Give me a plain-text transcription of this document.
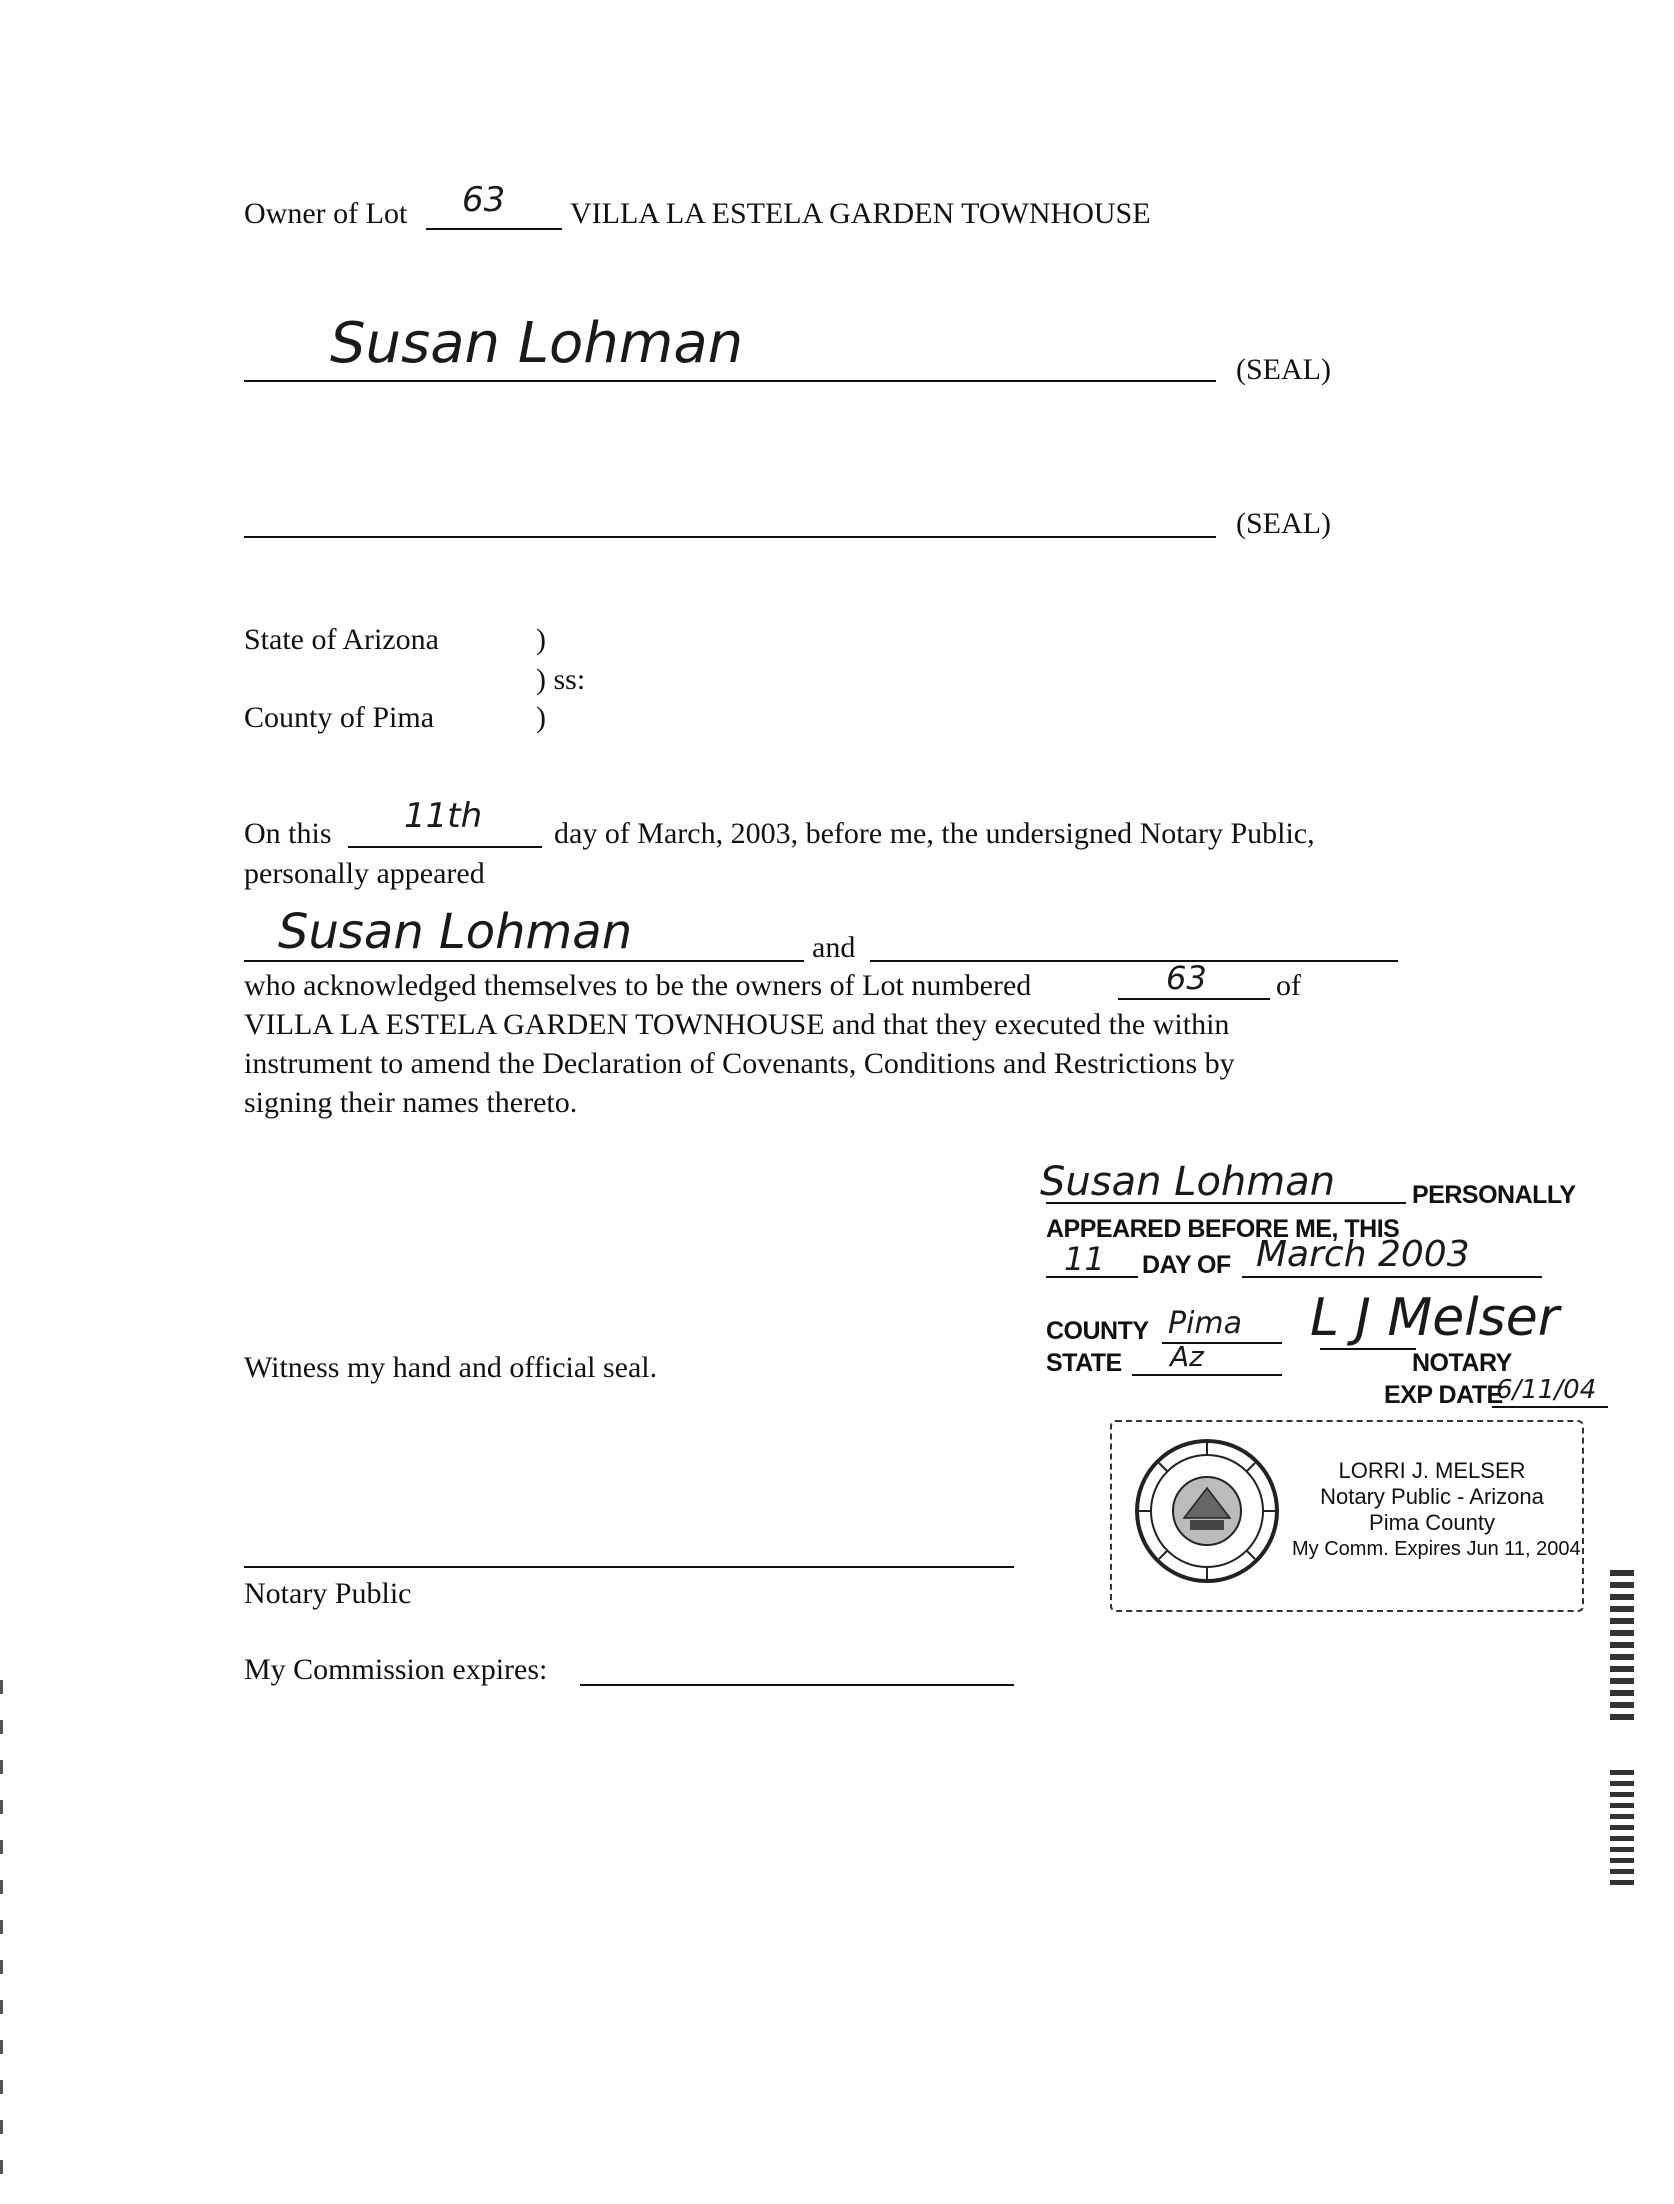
Owner of Lot 63 VILLA LA ESTELA GARDEN TOWNHOUSE
Susan Lohman	(SEAL)
(SEAL)
State of Arizona	)
) ss:
County of Pima	)
On this 11th day of March, 2003, before me, the undersigned Notary Public,
personally appeared
Susan Lohman	and
who acknowledged themselves to be the owners of Lot numbered	63 of
VILLA LA ESTELA GARDEN TOWNHOUSE and that they executed the within
instrument to amend the Declaration of Covenants, Conditions and Restrictions by
signing their names thereto.
Susan Lohman	PERSONALLY
APPEARED BEFORE ME, THIS
11 DAY OF March 2003
COUNTY Pima L J Melser
STATE Az	NOTARY
EXP DATE
6/11/04
LORRI J. MELSER
Notary Public - Arizona
Pima County
My Comm. Expires Jun 11, 2004
Witness my hand and official seal.
Notary Public
My Commission expires:
